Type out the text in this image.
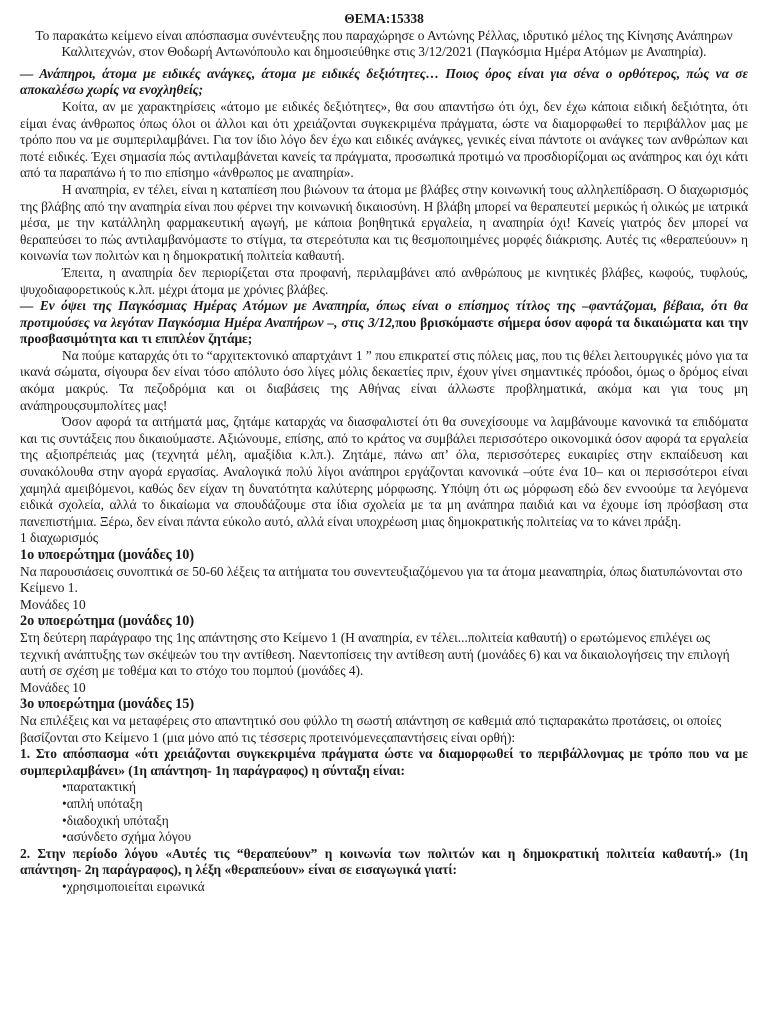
ΘΕΜΑ:15338

Το παρακάτω κείμενο είναι απόσπασμα συνέντευξης που παραχώρησε ο Αντώνης Ρέλλας, ιδρυτικό μέλος της Κίνησης Ανάπηρων Καλλιτεχνών, στον Θοδωρή Αντωνόπουλο και δημοσιεύθηκε στις 3/12/2021 (Παγκόσμια Ημέρα Ατόμων με Αναπηρία).

— Ανάπηροι, άτομα με ειδικές ανάγκες, άτομα με ειδικές δεξιότητες… Ποιος όρος είναι για σένα ο ορθότερος, πώς να σε αποκαλέσω χωρίς να ενοχληθείς;

Κοίτα, αν με χαρακτηρίσεις «άτομο με ειδικές δεξιότητες», θα σου απαντήσω ότι όχι, δεν έχω κάποια ειδική δεξιότητα, ότι είμαι ένας άνθρωπος όπως όλοι οι άλλοι και ότι χρειάζονται συγκεκριμένα πράγματα, ώστε να διαμορφωθεί το περιβάλλον μας με τρόπο που να με συμπεριλαμβάνει. Για τον ίδιο λόγο δεν έχω και ειδικές ανάγκες, γενικές είναι πάντοτε οι ανάγκες των ανθρώπων και ποτέ ειδικές. Έχει σημασία πώς αντιλαμβάνεται κανείς τα πράγματα, προσωπικά προτιμώ να προσδιορίζομαι ως ανάπηρος και όχι κάτι από τα παραπάνω ή το πιο επίσημο «άνθρωπος με αναπηρία».

Η αναπηρία, εν τέλει, είναι η καταπίεση που βιώνουν τα άτομα με βλάβες στην κοινωνική τους αλληλεπίδραση. Ο διαχωρισμός της βλάβης από την αναπηρία είναι που φέρνει την κοινωνική δικαιοσύνη. Η βλάβη μπορεί να θεραπευτεί μερικώς ή ολικώς με ιατρικά μέσα, με την κατάλληλη φαρμακευτική αγωγή, με κάποια βοηθητικά εργαλεία, η αναπηρία όχι! Κανείς γιατρός δεν μπορεί να θεραπεύσει το πώς αντιλαμβανόμαστε το στίγμα, τα στερεότυπα και τις θεσμοποιημένες μορφές διάκρισης. Αυτές τις «θεραπεύουν» η κοινωνία των πολιτών και η δημοκρατική πολιτεία καθαυτή.

Έπειτα, η αναπηρία δεν περιορίζεται στα προφανή, περιλαμβάνει από ανθρώπους με κινητικές βλάβες, κωφούς, τυφλούς, ψυχοδιαφορετικούς κ.λπ. μέχρι άτομα με χρόνιες βλάβες.

— Εν όψει της Παγκόσμιας Ημέρας Ατόμων με Αναπηρία, όπως είναι ο επίσημος τίτλος της –φαντάζομαι, βέβαια, ότι θα προτιμούσες να λεγόταν Παγκόσμια Ημέρα Αναπήρων –, στις 3/12,που βρισκόμαστε σήμερα όσον αφορά τα δικαιώματα και την προσβασιμότητα και τι επιπλέον ζητάμε;

Να πούμε καταρχάς ότι το “αρχιτεκτονικό απαρτχάιντ 1 ” που επικρατεί στις πόλεις μας, που τις θέλει λειτουργικές μόνο για τα ικανά σώματα, σίγουρα δεν είναι τόσο απόλυτο όσο λίγες μόλις δεκαετίες πριν, έχουν γίνει σημαντικές πρόοδοι, όμως ο δρόμος είναι ακόμα μακρύς. Τα πεζοδρόμια και οι διαβάσεις της Αθήνας είναι άλλωστε προβληματικά, ακόμα και για τους μη ανάπηρουςσυμπολίτες μας!

Όσον αφορά τα αιτήματά μας, ζητάμε καταρχάς να διασφαλιστεί ότι θα συνεχίσουμε να λαμβάνουμε κανονικά τα επιδόματα και τις συντάξεις που δικαιούμαστε. Αξιώνουμε, επίσης, από το κράτος να συμβάλει περισσότερο οικονομικά όσον αφορά τα εργαλεία της αξιοπρέπειάς μας (τεχνητά μέλη, αμαξίδια κ.λπ.). Ζητάμε, πάνω απ’ όλα, περισσότερες ευκαιρίες στην εκπαίδευση και συνακόλουθα στην αγορά εργασίας. Αναλογικά πολύ λίγοι ανάπηροι εργάζονται κανονικά –ούτε ένα 10– και οι περισσότεροι είναι χαμηλά αμειβόμενοι, καθώς δεν είχαν τη δυνατότητα καλύτερης μόρφωσης. Υπόψη ότι ως μόρφωση εδώ δεν εννοούμε τα λεγόμενα ειδικά σχολεία, αλλά το δικαίωμα να σπουδάζουμε στα ίδια σχολεία με τα μη ανάπηρα παιδιά και να έχουμε ίση πρόσβαση στα πανεπιστήμια. Ξέρω, δεν είναι πάντα εύκολο αυτό, αλλά είναι υποχρέωση μιας δημοκρατικής πολιτείας να το κάνει πράξη.

1 διαχωρισμός

1ο υποερώτημα (μονάδες 10)

Να παρουσιάσεις συνοπτικά σε 50-60 λέξεις τα αιτήματα του συνεντευξιαζόμενου για τα άτομα μεαναπηρία, όπως διατυπώνονται στο Κείμενο 1.

Μονάδες 10

2ο υποερώτημα (μονάδες 10)

Στη δεύτερη παράγραφο της 1ης απάντησης στο Κείμενο 1 (Η αναπηρία, εν τέλει...πολιτεία καθαυτή) ο ερωτώμενος επιλέγει ως τεχνική ανάπτυξης των σκέψεών του την αντίθεση. Ναεντοπίσεις την αντίθεση αυτή (μονάδες 6) και να δικαιολογήσεις την επιλογή αυτή σε σχέση με τοθέμα και το στόχο του πομπού (μονάδες 4).

Μονάδες 10

3ο υποερώτημα (μονάδες 15)

Να επιλέξεις και να μεταφέρεις στο απαντητικό σου φύλλο τη σωστή απάντηση σε καθεμιά από τιςπαρακάτω προτάσεις, οι οποίες βασίζονται στο Κείμενο 1 (μια μόνο από τις τέσσερις προτεινόμενεςαπαντήσεις είναι ορθή):

1. Στο απόσπασμα «ότι χρειάζονται συγκεκριμένα πράγματα ώστε να διαμορφωθεί το περιβάλλονμας με τρόπο που να με συμπεριλαμβάνει» (1η απάντηση- 1η παράγραφος) η σύνταξη είναι:

•παρατακτική

•απλή υπόταξη

•διαδοχική υπόταξη

•ασύνδετο σχήμα λόγου

2. Στην περίοδο λόγου «Αυτές τις “θεραπεύουν” η κοινωνία των πολιτών και η δημοκρατική πολιτεία καθαυτή.» (1η απάντηση- 2η παράγραφος), η λέξη «θεραπεύουν» είναι σε εισαγωγικά γιατί:

•χρησιμοποιείται ειρωνικά
